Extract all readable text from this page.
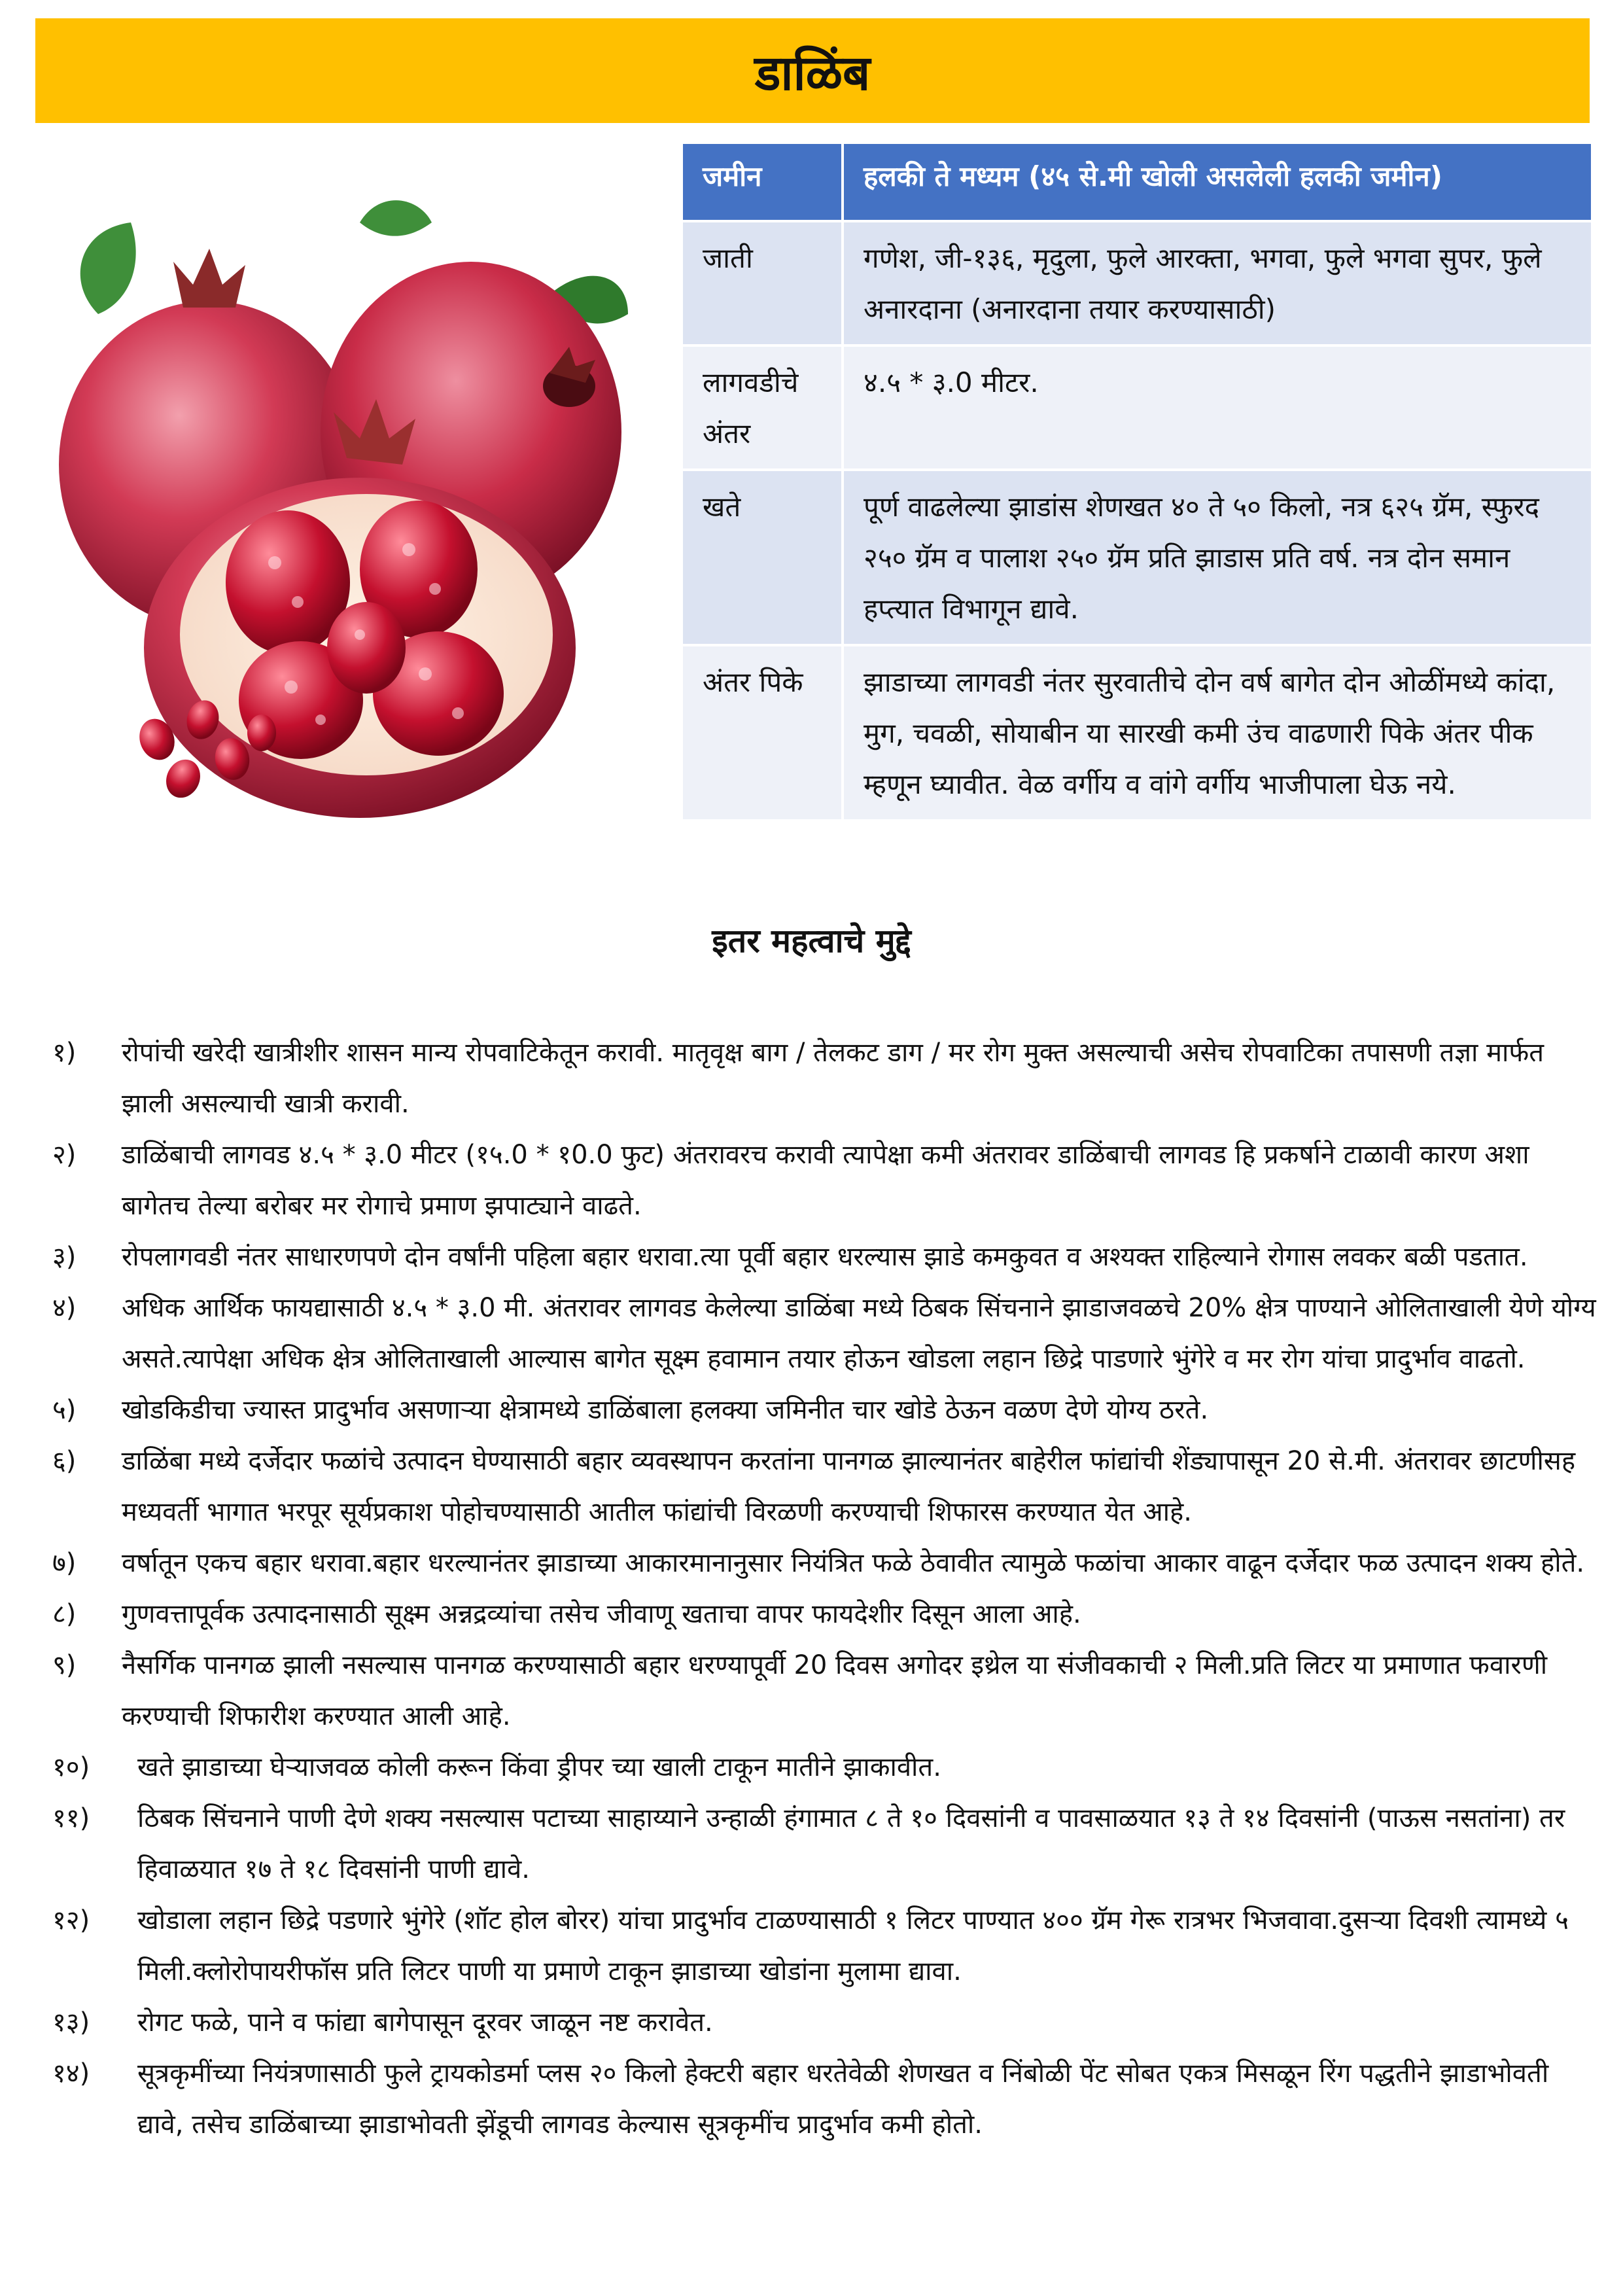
डाळिंब
जमीन	हलकी ते मध्यम (४५ से.मी खोली असलेली हलकी जमीन)
जाती	गणेश, जी-१३६, मृदुला, फुले आरक्ता, भगवा, फुले भगवा सुपर, फुले अनारदाना (अनारदाना तयार करण्यासाठी)
लागवडीचे अंतर	४.५ * ३.0 मीटर.
खते	पूर्ण वाढलेल्या झाडांस शेणखत ४० ते ५० किलो, नत्र ६२५ ग्रॅम, स्फुरद २५० ग्रॅम व पालाश २५० ग्रॅम प्रति झाडास प्रति वर्ष. नत्र दोन समान हप्त्यात विभागून द्यावे.
अंतर पिके	झाडाच्या लागवडी नंतर सुरवातीचे दोन वर्ष बागेत दोन ओळींमध्ये कांदा, मुग, चवळी, सोयाबीन या सारखी कमी उंच वाढणारी पिके अंतर पीक म्हणून घ्यावीत. वेळ वर्गीय व वांगे वर्गीय भाजीपाला घेऊ नये.
इतर महत्वाचे मुद्दे
१) रोपांची खरेदी खात्रीशीर शासन मान्य रोपवाटिकेतून करावी. मातृवृक्ष बाग / तेलकट डाग / मर रोग मुक्त असल्याची असेच रोपवाटिका तपासणी तज्ञा मार्फत झाली असल्याची खात्री करावी.
२) डाळिंबाची लागवड ४.५ * ३.0 मीटर (१५.0 * १0.0 फुट) अंतरावरच करावी त्यापेक्षा कमी अंतरावर डाळिंबाची लागवड हि प्रकर्षाने टाळावी कारण अशा बागेतच तेल्या बरोबर मर रोगाचे प्रमाण झपाट्याने वाढते.
३) रोपलागवडी नंतर साधारणपणे दोन वर्षांनी पहिला बहार धरावा.त्या पूर्वी बहार धरल्यास झाडे कमकुवत व अश्यक्त राहिल्याने रोगास लवकर बळी पडतात.
४) अधिक आर्थिक फायद्यासाठी ४.५ * ३.0 मी. अंतरावर लागवड केलेल्या डाळिंबा मध्ये ठिबक सिंचनाने झाडाजवळचे 20% क्षेत्र पाण्याने ओलिताखाली येणे योग्य असते.त्यापेक्षा अधिक क्षेत्र ओलिताखाली आल्यास बागेत सूक्ष्म हवामान तयार होऊन खोडला लहान छिद्रे पाडणारे भुंगेरे व मर रोग यांचा प्रादुर्भाव वाढतो.
५) खोडकिडीचा ज्यास्त प्रादुर्भाव असणाऱ्या क्षेत्रामध्ये डाळिंबाला हलक्या जमिनीत चार खोडे ठेऊन वळण देणे योग्य ठरते.
६) डाळिंबा मध्ये दर्जेदार फळांचे उत्पादन घेण्यासाठी बहार व्यवस्थापन करतांना पानगळ झाल्यानंतर बाहेरील फांद्यांची शेंड्यापासून 20 से.मी. अंतरावर छाटणीसह मध्यवर्ती भागात भरपूर सूर्यप्रकाश पोहोचण्यासाठी आतील फांद्यांची विरळणी करण्याची शिफारस करण्यात येत आहे.
७) वर्षातून एकच बहार धरावा.बहार धरल्यानंतर झाडाच्या आकारमानानुसार नियंत्रित फळे ठेवावीत त्यामुळे फळांचा आकार वाढून दर्जेदार फळ उत्पादन शक्य होते.
८) गुणवत्तापूर्वक उत्पादनासाठी सूक्ष्म अन्नद्रव्यांचा तसेच जीवाणू खताचा वापर फायदेशीर दिसून आला आहे.
९) नैसर्गिक पानगळ झाली नसल्यास पानगळ करण्यासाठी बहार धरण्यापूर्वी 20 दिवस अगोदर इथ्रेल या संजीवकाची २ मिली.प्रति लिटर या प्रमाणात फवारणी करण्याची शिफारीश करण्यात आली आहे.
१०) खते झाडाच्या घेऱ्याजवळ कोली करून किंवा ड्रीपर च्या खाली टाकून मातीने झाकावीत.
११) ठिबक सिंचनाने पाणी देणे शक्य नसल्यास पटाच्या साहाय्याने उन्हाळी हंगामात ८ ते १० दिवसांनी व पावसाळयात १३ ते १४ दिवसांनी (पाऊस नसतांना) तर हिवाळयात १७ ते १८ दिवसांनी पाणी द्यावे.
१२) खोडाला लहान छिद्रे पडणारे भुंगेरे (शॉट होल बोरर) यांचा प्रादुर्भाव टाळण्यासाठी १ लिटर पाण्यात ४०० ग्रॅम गेरू रात्रभर भिजवावा.दुसऱ्या दिवशी त्यामध्ये ५ मिली.क्लोरोपायरीफॉस प्रति लिटर पाणी या प्रमाणे टाकून झाडाच्या खोडांना मुलामा द्यावा.
१३) रोगट फळे, पाने व फांद्या बागेपासून दूरवर जाळून नष्ट करावेत.
१४) सूत्रकृमींच्या नियंत्रणासाठी फुले ट्रायकोडर्मा प्लस २० किलो हेक्टरी बहार धरतेवेळी शेणखत व निंबोळी पेंट सोबत एकत्र मिसळून रिंग पद्धतीने झाडाभोवती द्यावे, तसेच डाळिंबाच्या झाडाभोवती झेंडूची लागवड केल्यास सूत्रकृमींच प्रादुर्भाव कमी होतो.
